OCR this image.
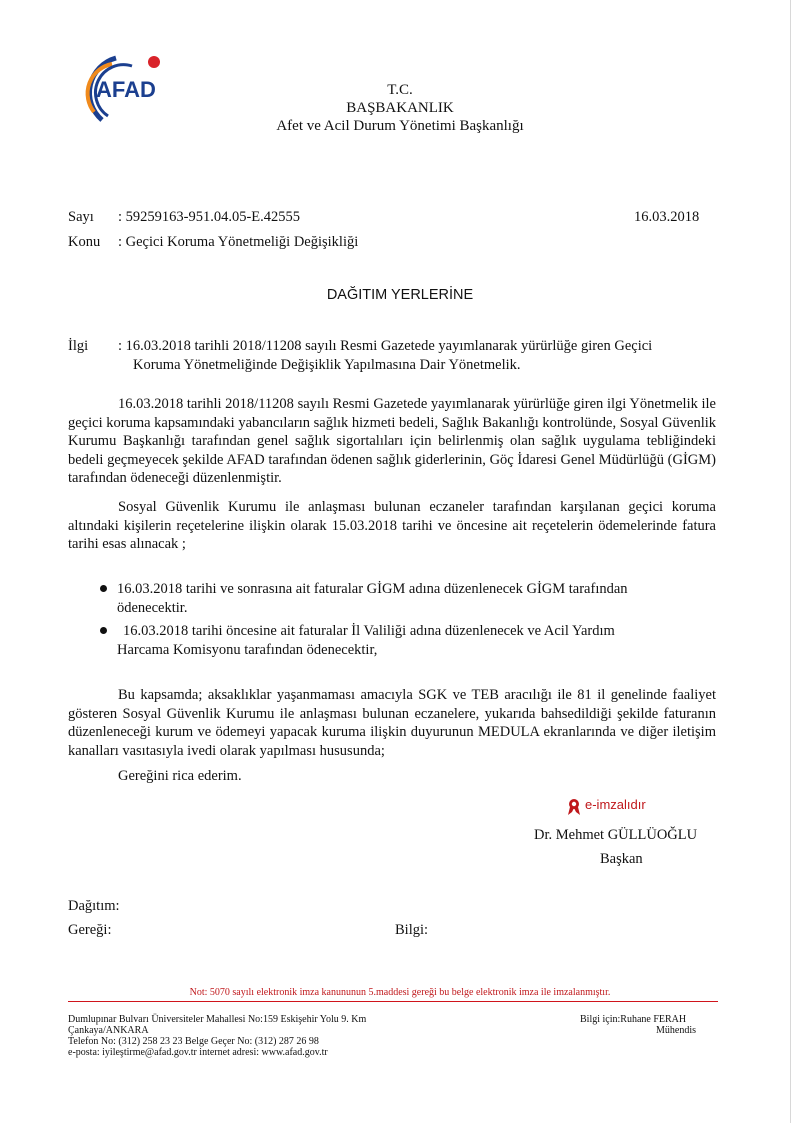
AFAD	T.C.
BAŞBAKANLIK
Afet ve Acil Durum Yönetimi Başkanlığı
Sayı : 59259163-951.04.05-E.42555	16.03.2018
Konu : Geçici Koruma Yönetmeliği Değişikliği
DAĞITIM YERLERİNE
İlgi : 16.03.2018 tarihli 2018/11208 sayılı Resmi Gazetede yayımlanarak yürürlüğe giren Geçici
Koruma Yönetmeliğinde Değişiklik Yapılmasına Dair Yönetmelik.
16.03.2018 tarihli 2018/11208 sayılı Resmi Gazetede yayımlanarak yürürlüğe giren ilgi Yönetmelik ile geçici koruma kapsamındaki yabancıların sağlık hizmeti bedeli, Sağlık Bakanlığı kontrolünde, Sosyal Güvenlik Kurumu Başkanlığı tarafından genel sağlık sigortalıları için belirlenmiş olan sağlık uygulama tebliğindeki bedeli geçmeyecek şekilde AFAD tarafından ödenen sağlık giderlerinin, Göç İdaresi Genel Müdürlüğü (GİGM) tarafından ödeneceği düzenlenmiştir.
Sosyal Güvenlik Kurumu ile anlaşması bulunan eczaneler tarafından karşılanan geçici koruma altındaki kişilerin reçetelerine ilişkin olarak 15.03.2018 tarihi ve öncesine ait reçetelerin ödemelerinde fatura tarihi esas alınacak ;
16.03.2018 tarihi ve sonrasına ait faturalar GİGM adına düzenlenecek GİGM tarafından
ödenecektir.
16.03.2018 tarihi öncesine ait faturalar İl Valiliği adına düzenlenecek ve Acil Yardım
Harcama Komisyonu tarafından ödenecektir,
Bu kapsamda; aksaklıklar yaşanmaması amacıyla SGK ve TEB aracılığı ile 81 il genelinde faaliyet gösteren Sosyal Güvenlik Kurumu ile anlaşması bulunan eczanelere, yukarıda bahsedildiği şekilde faturanın düzenleneceği kurum ve ödemeyi yapacak kuruma ilişkin duyurunun MEDULA ekranlarında ve diğer iletişim kanalları vasıtasıyla ivedi olarak yapılması hususunda;
Gereğini rica ederim.
e-imzalıdır
Dr. Mehmet GÜLLÜOĞLU
Başkan
Dağıtım:
Gereği:	Bilgi:
Not: 5070 sayılı elektronik imza kanununun 5.maddesi gereği bu belge elektronik imza ile imzalanmıştır.
Dumlupınar Bulvarı Üniversiteler Mahallesi No:159 Eskişehir Yolu 9. Km
Çankaya/ANKARA
Telefon No: (312) 258 23 23 Belge Geçer No: (312) 287 26 98
e-posta: iyileştirme@afad.gov.tr internet adresi: www.afad.gov.tr
Bilgi için:Ruhane FERAH
Mühendis
